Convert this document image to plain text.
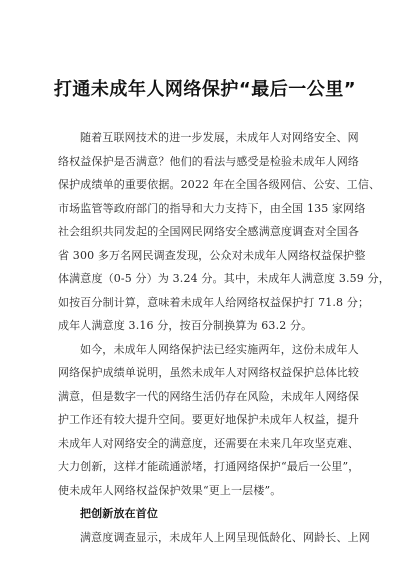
打通未成年人网络保护“最后一公里”
随着互联网技术的进一步发展，未成年人对网络安全、网
络权益保护是否满意？他们的看法与感受是检验未成年人网络
保护成绩单的重要依据。2022 年在全国各级网信、公安、工信、
市场监管等政府部门的指导和大力支持下，由全国 135 家网络
社会组织共同发起的全国网民网络安全感满意度调查对全国各
省 300 多万名网民调查发现，公众对未成年人网络权益保护整
体满意度（0-5 分）为 3.24 分。其中，未成年人满意度 3.59 分，
如按百分制计算，意味着未成年人给网络权益保护打 71.8 分；
成年人满意度 3.16 分，按百分制换算为 63.2 分。
如今，未成年人网络保护法已经实施两年，这份未成年人
网络保护成绩单说明，虽然未成年人对网络权益保护总体比较
满意，但是数字一代的网络生活仍存在风险，未成年人网络保
护工作还有较大提升空间。要更好地保护未成年人权益，提升
未成年人对网络安全的满意度，还需要在未来几年攻坚克难、
大力创新，这样才能疏通淤堵，打通网络保护“最后一公里”，
使未成年人网络权益保护效果“更上一层楼”。
把创新放在首位
满意度调查显示，未成年人上网呈现低龄化、网龄长、上网
